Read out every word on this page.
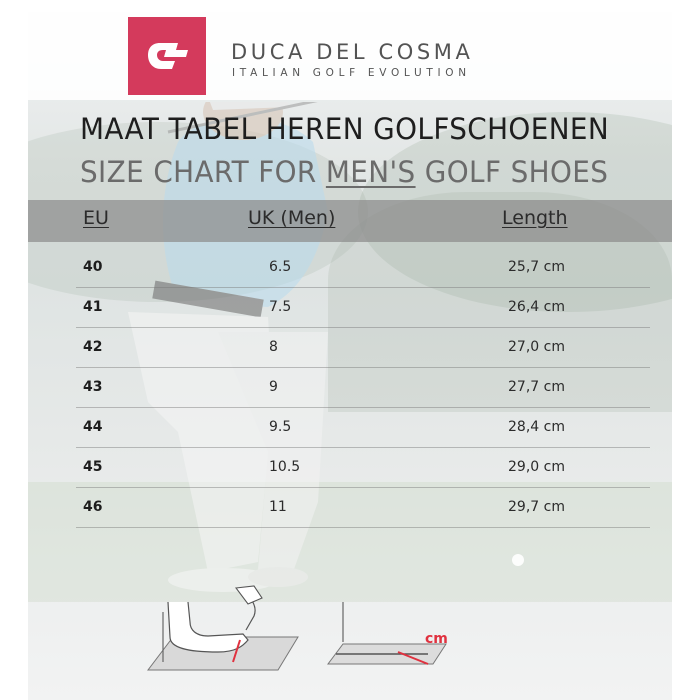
DUCA DEL COSMA
ITALIAN GOLF EVOLUTION
MAAT TABEL HEREN GOLFSCHOENEN
SIZE CHART FOR MEN'S GOLF SHOES
EU	UK (Men)	Length
40	6.5	25,7 cm
41	7.5	26,4 cm
42	8	27,0 cm
43	9	27,7 cm
44	9.5	28,4 cm
45	10.5	29,0 cm
46	11	29,7 cm
cm
